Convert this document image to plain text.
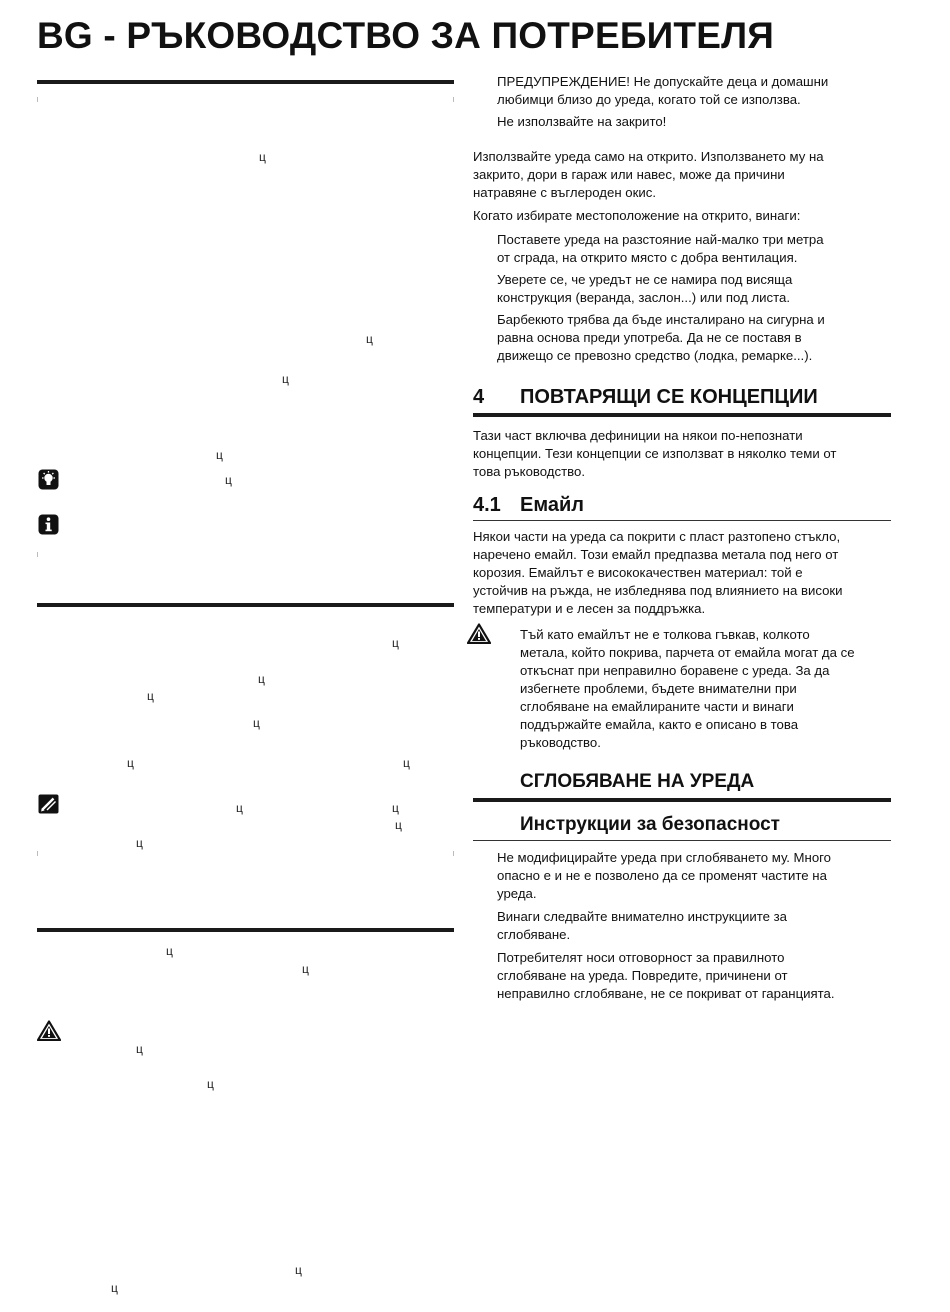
BG - РЪКОВОДСТВО ЗА ПОТРЕБИТЕЛЯ
ц
ц
ц
ц
ц
ц
ц
ц
ц
ц	ц
ц	ц
ц
ц
ц
ц
ц
ц
ц
ц

ПРЕДУПРЕЖДЕНИЕ! Не допускайте деца и домашни
любимци близо до уреда, когато той се използва.

Не използвайте на закрито!

Използвайте уреда само на открито. Използването му на
закрито, дори в гараж или навес, може да причини
натравяне с въглероден окис.

Когато избирате местоположение на открито, винаги:

Поставете уреда на разстояние най-малко три метра
от сграда, на открито място с добра вентилация.

Уверете се, че уредът не се намира под висяща
конструкция (веранда, заслон...) или под листа.

Барбекюто трябва да бъде инсталирано на сигурна и
равна основа преди употреба. Да не се поставя в
движещо се превозно средство (лодка, ремарке...).

4 ПОВТАРЯЩИ СЕ КОНЦЕПЦИИ

Тази част включва дефиниции на някои по-непознати
концепции. Тези концепции се използват в няколко теми от
това ръководство.

4.1 Емайл

Някои части на уреда са покрити с пласт разтопено стъкло,
наречено емайл. Този емайл предпазва метала под него от
корозия. Емайлът е висококачествен материал: той е
устойчив на ръжда, не избледнява под влиянието на високи
температури и е лесен за поддръжка.

Тъй като емайлът не е толкова гъвкав, колкото
метала, който покрива, парчета от емайла могат да се
откъснат при неправилно боравене с уреда. За да
избегнете проблеми, бъдете внимателни при
сглобяване на емайлираните части и винаги
поддържайте емайла, както е описано в това
ръководство.

СГЛОБЯВАНЕ НА УРЕДА
Инструкции за безопасност

Не модифицирайте уреда при сглобяването му. Много
опасно е и не е позволено да се променят частите на
уреда.

Винаги следвайте внимателно инструкциите за
сглобяване.

Потребителят носи отговорност за правилното
сглобяване на уреда. Повредите, причинени от
неправилно сглобяване, не се покриват от гаранцията.
